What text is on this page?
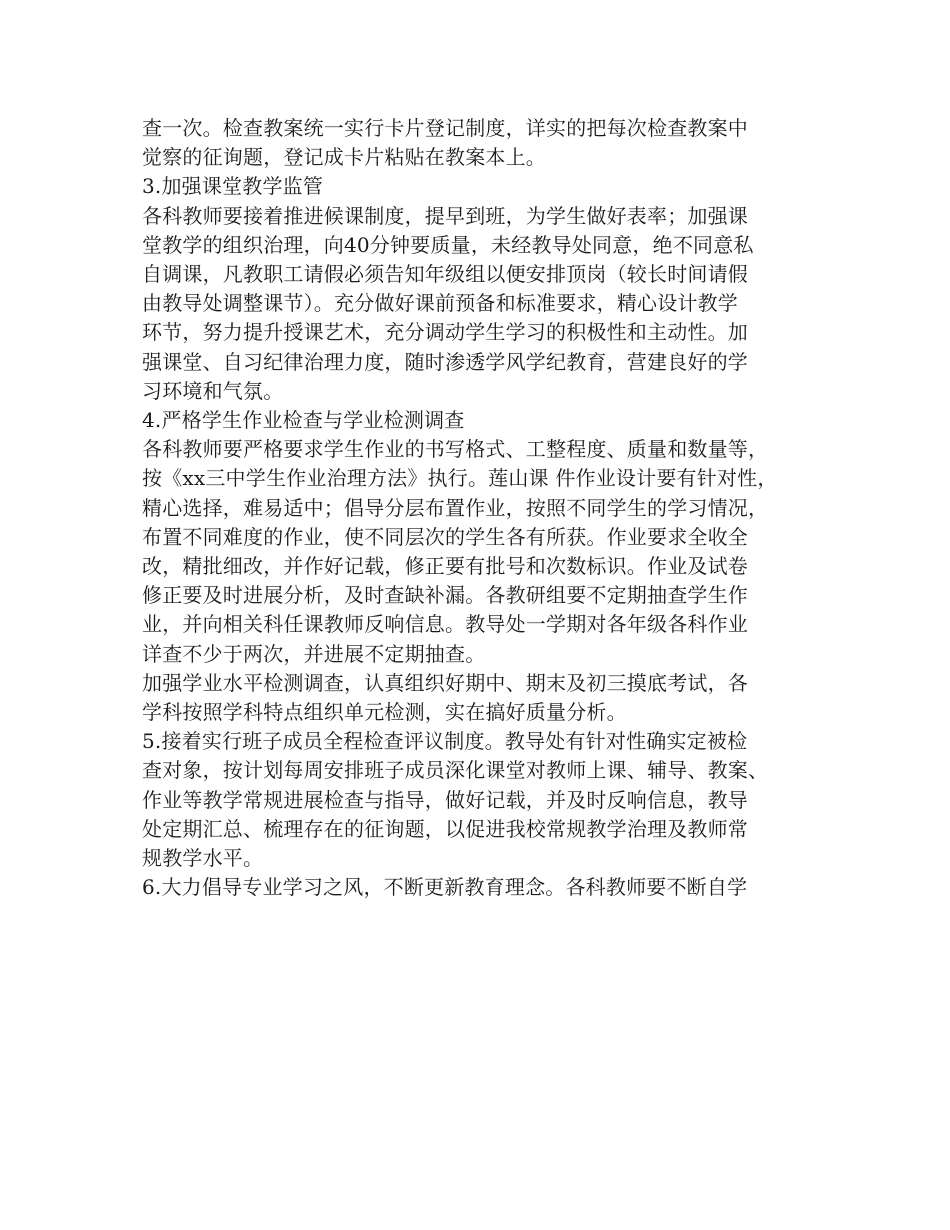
查一次。检查教案统一实行卡片登记制度，详实的把每次检查教案中
觉察的征询题，登记成卡片粘贴在教案本上。
3.加强课堂教学监管
各科教师要接着推进候课制度，提早到班，为学生做好表率；加强课
堂教学的组织治理，向40分钟要质量，未经教导处同意，绝不同意私
自调课，凡教职工请假必须告知年级组以便安排顶岗（较长时间请假
由教导处调整课节）。充分做好课前预备和标准要求，精心设计教学
环节，努力提升授课艺术，充分调动学生学习的积极性和主动性。加
强课堂、自习纪律治理力度，随时渗透学风学纪教育，营建良好的学
习环境和气氛。
4.严格学生作业检查与学业检测调查
各科教师要严格要求学生作业的书写格式、工整程度、质量和数量等，
按《xx三中学生作业治理方法》执行。莲山课 件作业设计要有针对性，
精心选择，难易适中；倡导分层布置作业，按照不同学生的学习情况，
布置不同难度的作业，使不同层次的学生各有所获。作业要求全收全
改，精批细改，并作好记载，修正要有批号和次数标识。作业及试卷
修正要及时进展分析，及时查缺补漏。各教研组要不定期抽查学生作
业，并向相关科任课教师反响信息。教导处一学期对各年级各科作业
详查不少于两次，并进展不定期抽查。
加强学业水平检测调查，认真组织好期中、期末及初三摸底考试，各
学科按照学科特点组织单元检测，实在搞好质量分析。
5.接着实行班子成员全程检查评议制度。教导处有针对性确实定被检
查对象，按计划每周安排班子成员深化课堂对教师上课、辅导、教案、
作业等教学常规进展检查与指导，做好记载，并及时反响信息，教导
处定期汇总、梳理存在的征询题，以促进我校常规教学治理及教师常
规教学水平。
6.大力倡导专业学习之风，不断更新教育理念。各科教师要不断自学
